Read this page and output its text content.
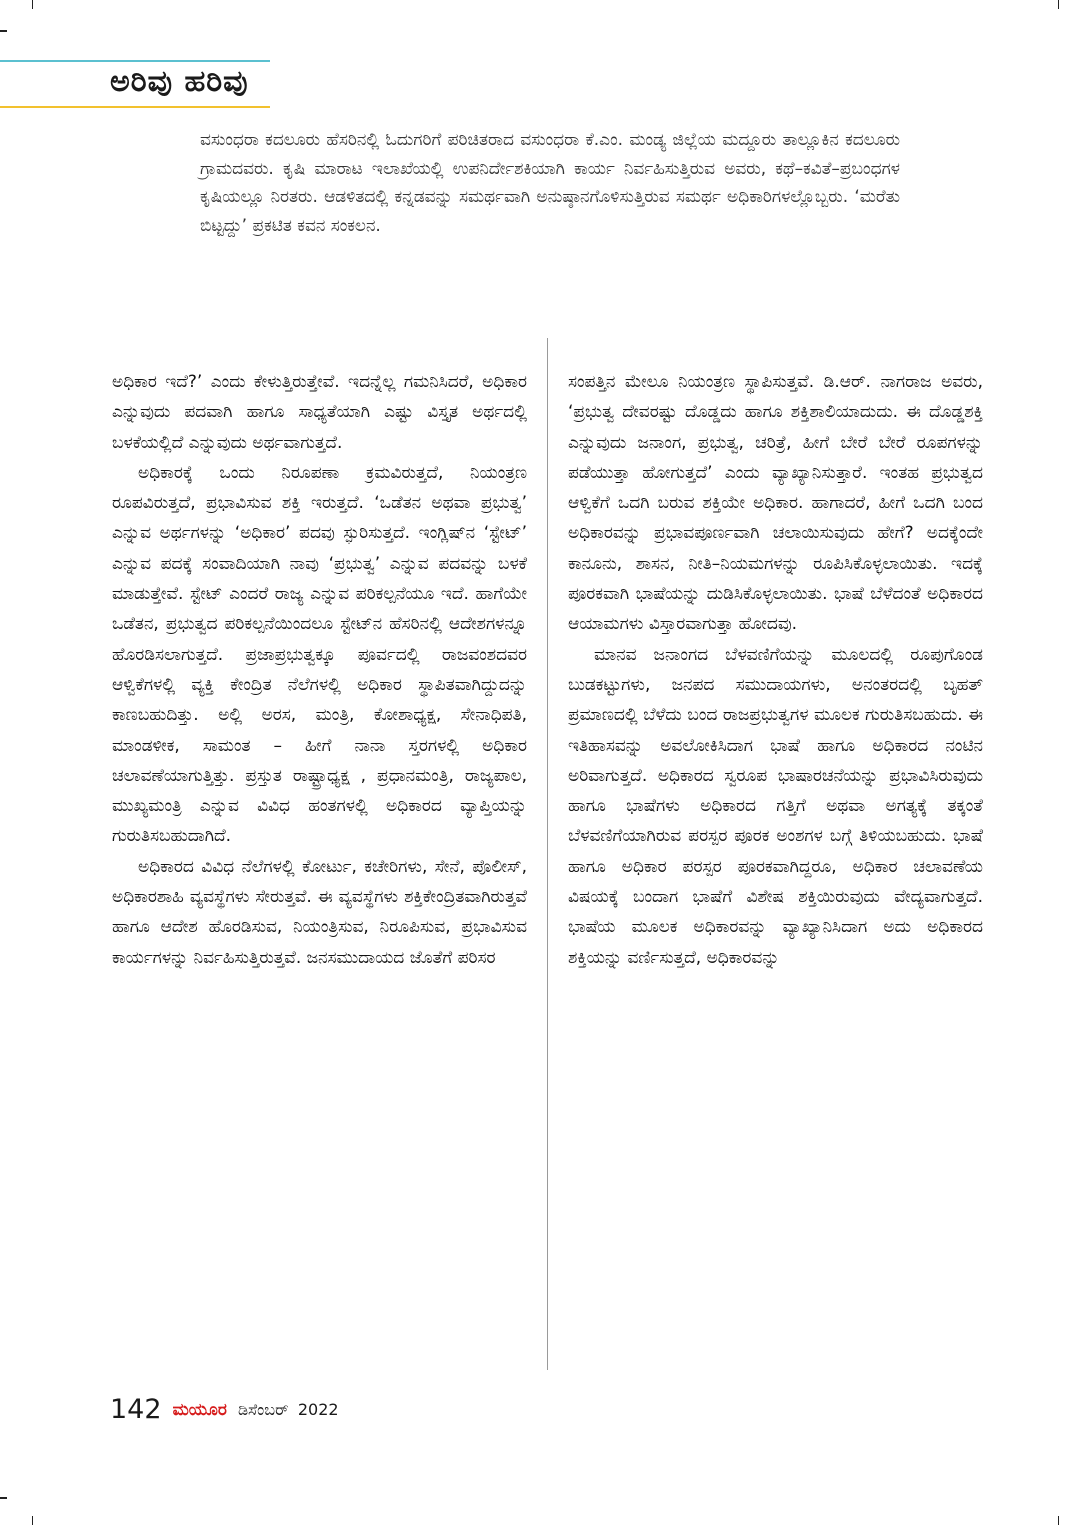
ಅರಿವು ಹರಿವು
ವಸುಂಧರಾ ಕದಲೂರು ಹೆಸರಿನಲ್ಲಿ ಓದುಗರಿಗೆ ಪರಿಚಿತರಾದ ವಸುಂಧರಾ ಕೆ.ಎಂ. ಮಂಡ್ಯ ಜಿಲ್ಲೆಯ ಮದ್ದೂರು ತಾಲ್ಲೂಕಿನ ಕದಲೂರು ಗ್ರಾಮದವರು. ಕೃಷಿ ಮಾರಾಟ ಇಲಾಖೆಯಲ್ಲಿ ಉಪನಿರ್ದೇಶಕಿಯಾಗಿ ಕಾರ್ಯ ನಿರ್ವಹಿಸುತ್ತಿರುವ ಅವರು, ಕಥೆ–ಕವಿತೆ–ಪ್ರಬಂಧಗಳ ಕೃಷಿಯಲ್ಲೂ ನಿರತರು. ಆಡಳಿತದಲ್ಲಿ ಕನ್ನಡವನ್ನು ಸಮರ್ಥವಾಗಿ ಅನುಷ್ಠಾನಗೊಳಿಸುತ್ತಿರುವ ಸಮರ್ಥ ಅಧಿಕಾರಿಗಳಲ್ಲೊಬ್ಬರು. ‘ಮರೆತು ಬಿಟ್ಟದ್ದು’ ಪ್ರಕಟಿತ ಕವನ ಸಂಕಲನ.

ಅಧಿಕಾರ ಇದೆ?’ ಎಂದು ಕೇಳುತ್ತಿರುತ್ತೇವೆ. ಇದನ್ನೆಲ್ಲ ಗಮನಿಸಿದರೆ, ಅಧಿಕಾರ ಎನ್ನುವುದು ಪದವಾಗಿ ಹಾಗೂ ಸಾಧ್ಯತೆಯಾಗಿ ಎಷ್ಟು ವಿಸ್ತೃತ ಅರ್ಥದಲ್ಲಿ ಬಳಕೆಯಲ್ಲಿದೆ ಎನ್ನುವುದು ಅರ್ಥವಾಗುತ್ತದೆ.

ಅಧಿಕಾರಕ್ಕೆ ಒಂದು ನಿರೂಪಣಾ ಕ್ರಮವಿರುತ್ತದೆ, ನಿಯಂತ್ರಣ ರೂಪವಿರುತ್ತದೆ, ಪ್ರಭಾವಿಸುವ ಶಕ್ತಿ ಇರುತ್ತದೆ. ‘ಒಡೆತನ ಅಥವಾ ಪ್ರಭುತ್ವ’ ಎನ್ನುವ ಅರ್ಥಗಳನ್ನು ‘ಅಧಿಕಾರ’ ಪದವು ಸ್ಫುರಿಸುತ್ತದೆ. ಇಂಗ್ಲಿಷ್‌ನ ‘ಸ್ಟೇಟ್’ ಎನ್ನುವ ಪದಕ್ಕೆ ಸಂವಾದಿಯಾಗಿ ನಾವು ‘ಪ್ರಭುತ್ವ’ ಎನ್ನುವ ಪದವನ್ನು ಬಳಕೆ ಮಾಡುತ್ತೇವೆ. ಸ್ಟೇಟ್ ಎಂದರೆ ರಾಜ್ಯ ಎನ್ನುವ ಪರಿಕಲ್ಪನೆಯೂ ಇದೆ. ಹಾಗೆಯೇ ಒಡೆತನ, ಪ್ರಭುತ್ವದ ಪರಿಕಲ್ಪನೆಯಿಂದಲೂ ಸ್ಟೇಟ್‌ನ ಹೆಸರಿನಲ್ಲಿ ಆದೇಶಗಳನ್ನೂ ಹೊರಡಿಸಲಾಗುತ್ತದೆ. ಪ್ರಜಾಪ್ರಭುತ್ವಕ್ಕೂ ಪೂರ್ವದಲ್ಲಿ ರಾಜವಂಶದವರ ಆಳ್ವಿಕೆಗಳಲ್ಲಿ ವ್ಯಕ್ತಿ ಕೇಂದ್ರಿತ ನೆಲೆಗಳಲ್ಲಿ ಅಧಿಕಾರ ಸ್ಥಾಪಿತವಾಗಿದ್ದುದನ್ನು ಕಾಣಬಹುದಿತ್ತು. ಅಲ್ಲಿ ಅರಸ, ಮಂತ್ರಿ, ಕೋಶಾಧ್ಯಕ್ಷ, ಸೇನಾಧಿಪತಿ, ಮಾಂಡಳೀಕ, ಸಾಮಂತ – ಹೀಗೆ ನಾನಾ ಸ್ತರಗಳಲ್ಲಿ ಅಧಿಕಾರ ಚಲಾವಣೆಯಾಗುತ್ತಿತ್ತು. ಪ್ರಸ್ತುತ ರಾಷ್ಟ್ರಾಧ್ಯಕ್ಷ , ಪ್ರಧಾನಮಂತ್ರಿ, ರಾಜ್ಯಪಾಲ, ಮುಖ್ಯಮಂತ್ರಿ ಎನ್ನುವ ವಿವಿಧ ಹಂತಗಳಲ್ಲಿ ಅಧಿಕಾರದ ವ್ಯಾಪ್ತಿಯನ್ನು ಗುರುತಿಸಬಹುದಾಗಿದೆ.

ಅಧಿಕಾರದ ವಿವಿಧ ನೆಲೆಗಳಲ್ಲಿ ಕೋರ್ಟು, ಕಚೇರಿಗಳು, ಸೇನೆ, ಪೊಲೀಸ್, ಅಧಿಕಾರಶಾಹಿ ವ್ಯವಸ್ಥೆಗಳು ಸೇರುತ್ತವೆ. ಈ ವ್ಯವಸ್ಥೆಗಳು ಶಕ್ತಿಕೇಂದ್ರಿತವಾಗಿರುತ್ತವೆ ಹಾಗೂ ಆದೇಶ ಹೊರಡಿಸುವ, ನಿಯಂತ್ರಿಸುವ, ನಿರೂಪಿಸುವ, ಪ್ರಭಾವಿಸುವ ಕಾರ್ಯಗಳನ್ನು ನಿರ್ವಹಿಸುತ್ತಿರುತ್ತವೆ. ಜನಸಮುದಾಯದ ಜೊತೆಗೆ ಪರಿಸರ

ಸಂಪತ್ತಿನ ಮೇಲೂ ನಿಯಂತ್ರಣ ಸ್ಥಾಪಿಸುತ್ತವೆ. ಡಿ.ಆರ್. ನಾಗರಾಜ ಅವರು, ‘ಪ್ರಭುತ್ವ ದೇವರಷ್ಟು ದೊಡ್ಡದು ಹಾಗೂ ಶಕ್ತಿಶಾಲಿಯಾದುದು. ಈ ದೊಡ್ಡಶಕ್ತಿ ಎನ್ನುವುದು ಜನಾಂಗ, ಪ್ರಭುತ್ವ, ಚರಿತ್ರೆ, ಹೀಗೆ ಬೇರೆ ಬೇರೆ ರೂಪಗಳನ್ನು ಪಡೆಯುತ್ತಾ ಹೋಗುತ್ತದೆ’ ಎಂದು ವ್ಯಾಖ್ಯಾನಿಸುತ್ತಾರೆ. ಇಂತಹ ಪ್ರಭುತ್ವದ ಆಳ್ವಿಕೆಗೆ ಒದಗಿ ಬರುವ ಶಕ್ತಿಯೇ ಅಧಿಕಾರ. ಹಾಗಾದರೆ, ಹೀಗೆ ಒದಗಿ ಬಂದ ಅಧಿಕಾರವನ್ನು ಪ್ರಭಾವಪೂರ್ಣವಾಗಿ ಚಲಾಯಿಸುವುದು ಹೇಗೆ? ಅದಕ್ಕೆಂದೇ ಕಾನೂನು, ಶಾಸನ, ನೀತಿ–ನಿಯಮಗಳನ್ನು ರೂಪಿಸಿಕೊಳ್ಳಲಾಯಿತು. ಇದಕ್ಕೆ ಪೂರಕವಾಗಿ ಭಾಷೆಯನ್ನು ದುಡಿಸಿಕೊಳ್ಳಲಾಯಿತು. ಭಾಷೆ ಬೆಳೆದಂತೆ ಅಧಿಕಾರದ ಆಯಾಮಗಳು ವಿಸ್ತಾರವಾಗುತ್ತಾ ಹೋದವು.

ಮಾನವ ಜನಾಂಗದ ಬೆಳವಣಿಗೆಯನ್ನು ಮೂಲದಲ್ಲಿ ರೂಪುಗೊಂಡ ಬುಡಕಟ್ಟುಗಳು, ಜನಪದ ಸಮುದಾಯಗಳು, ಅನಂತರದಲ್ಲಿ ಬೃಹತ್ ಪ್ರಮಾಣದಲ್ಲಿ ಬೆಳೆದು ಬಂದ ರಾಜಪ್ರಭುತ್ವಗಳ ಮೂಲಕ ಗುರುತಿಸಬಹುದು. ಈ ಇತಿಹಾಸವನ್ನು ಅವಲೋಕಿಸಿದಾಗ ಭಾಷೆ ಹಾಗೂ ಅಧಿಕಾರದ ನಂಟಿನ ಅರಿವಾಗುತ್ತದೆ. ಅಧಿಕಾರದ ಸ್ವರೂಪ ಭಾಷಾರಚನೆಯನ್ನು ಪ್ರಭಾವಿಸಿರುವುದು ಹಾಗೂ ಭಾಷೆಗಳು ಅಧಿಕಾರದ ಗತ್ತಿಗೆ ಅಥವಾ ಅಗತ್ಯಕ್ಕೆ ತಕ್ಕಂತೆ ಬೆಳವಣಿಗೆಯಾಗಿರುವ ಪರಸ್ಪರ ಪೂರಕ ಅಂಶಗಳ ಬಗ್ಗೆ ತಿಳಿಯಬಹುದು. ಭಾಷೆ ಹಾಗೂ ಅಧಿಕಾರ ಪರಸ್ಪರ ಪೂರಕವಾಗಿದ್ದರೂ, ಅಧಿಕಾರ ಚಲಾವಣೆಯ ವಿಷಯಕ್ಕೆ ಬಂದಾಗ ಭಾಷೆಗೆ ವಿಶೇಷ ಶಕ್ತಿಯಿರುವುದು ವೇದ್ಯವಾಗುತ್ತದೆ. ಭಾಷೆಯ ಮೂಲಕ ಅಧಿಕಾರವನ್ನು ವ್ಯಾಖ್ಯಾನಿಸಿದಾಗ ಅದು ಅಧಿಕಾರದ ಶಕ್ತಿಯನ್ನು ವರ್ಣಿಸುತ್ತದೆ, ಅಧಿಕಾರವನ್ನು

142 ಮಯೂರ ಡಿಸೆಂಬರ್ 2022
